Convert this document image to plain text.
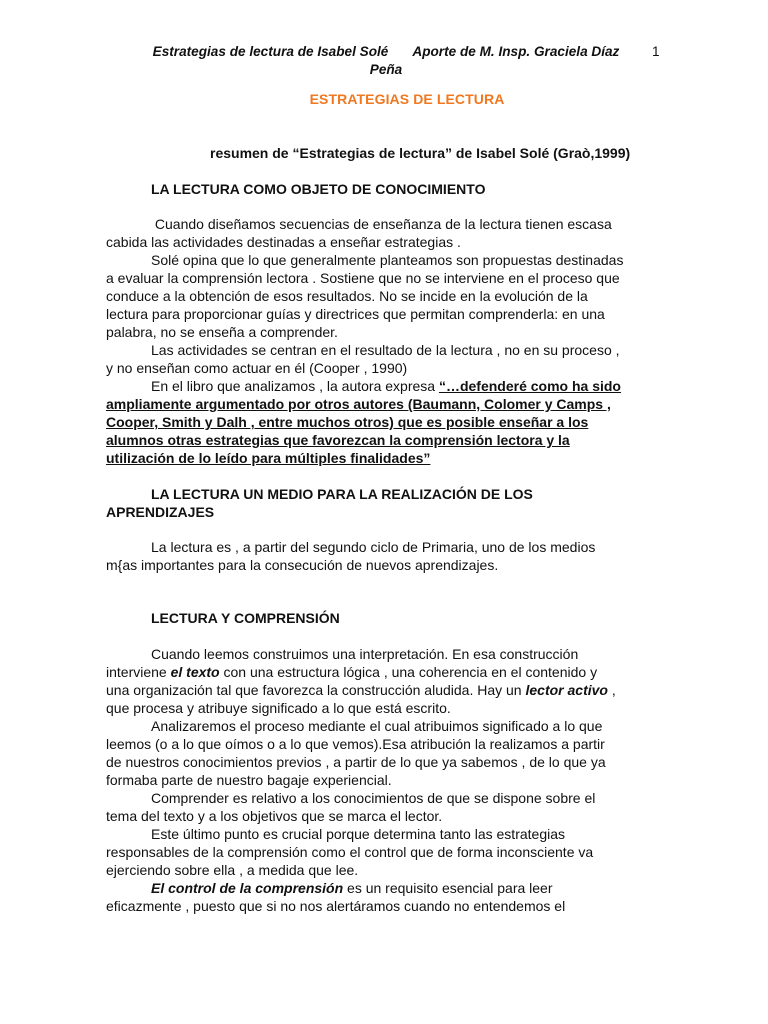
Estrategias de lectura de Isabel Solé Aporte de M. Insp. Graciela Díaz
Peña
1
ESTRATEGIAS DE LECTURA
resumen de “Estrategias de lectura” de Isabel Solé (Graò,1999)
LA LECTURA COMO OBJETO DE CONOCIMIENTO
Cuando diseñamos secuencias de enseñanza de la lectura tienen escasa
cabida las actividades destinadas a enseñar estrategias .
Solé opina que lo que generalmente planteamos son propuestas destinadas
a evaluar la comprensión lectora . Sostiene que no se interviene en el proceso que
conduce a la obtención de esos resultados. No se incide en la evolución de la
lectura para proporcionar guías y directrices que permitan comprenderla: en una
palabra, no se enseña a comprender.
Las actividades se centran en el resultado de la lectura , no en su proceso ,
y no enseñan como actuar en él (Cooper , 1990)
En el libro que analizamos , la autora expresa “…defenderé como ha sido
ampliamente argumentado por otros autores (Baumann, Colomer y Camps ,
Cooper, Smith y Dalh , entre muchos otros) que es posible enseñar a los
alumnos otras estrategias que favorezcan la comprensión lectora y la
utilización de lo leído para múltiples finalidades”
LA LECTURA UN MEDIO PARA LA REALIZACIÓN DE LOS
APRENDIZAJES
La lectura es , a partir del segundo ciclo de Primaria, uno de los medios
m{as importantes para la consecución de nuevos aprendizajes.
LECTURA Y COMPRENSIÓN
Cuando leemos construimos una interpretación. En esa construcción
interviene el texto con una estructura lógica , una coherencia en el contenido y
una organización tal que favorezca la construcción aludida. Hay un lector activo ,
que procesa y atribuye significado a lo que está escrito.
Analizaremos el proceso mediante el cual atribuimos significado a lo que
leemos (o a lo que oímos o a lo que vemos).Esa atribución la realizamos a partir
de nuestros conocimientos previos , a partir de lo que ya sabemos , de lo que ya
formaba parte de nuestro bagaje experiencial.
Comprender es relativo a los conocimientos de que se dispone sobre el
tema del texto y a los objetivos que se marca el lector.
Este último punto es crucial porque determina tanto las estrategias
responsables de la comprensión como el control que de forma inconsciente va
ejerciendo sobre ella , a medida que lee.
El control de la comprensión es un requisito esencial para leer
eficazmente , puesto que si no nos alertáramos cuando no entendemos el
